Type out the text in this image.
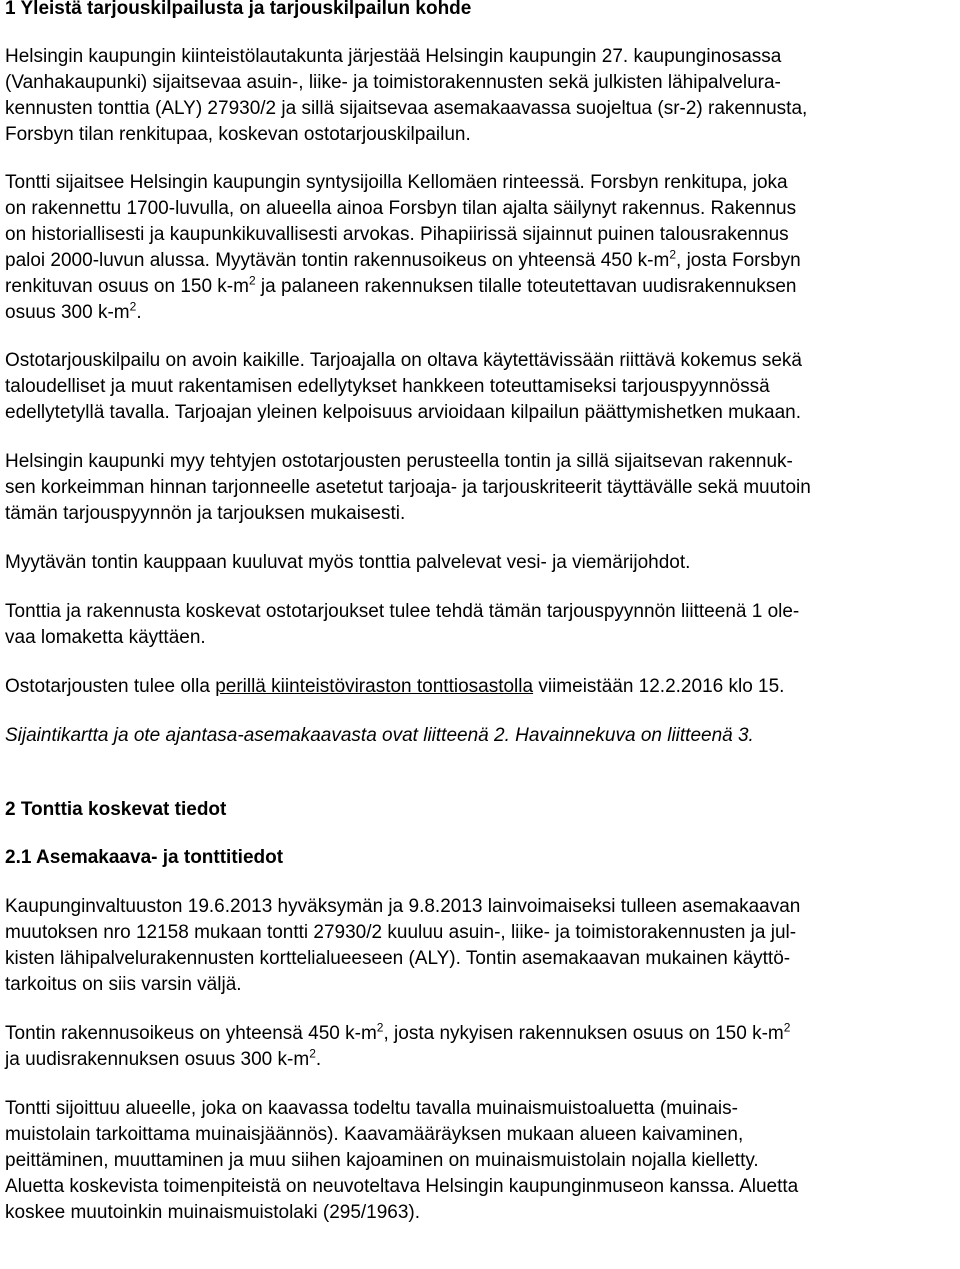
1 Yleistä tarjouskilpailusta ja tarjouskilpailun kohde

Helsingin kaupungin kiinteistölautakunta järjestää Helsingin kaupungin 27. kaupunginosassa
(Vanhakaupunki) sijaitsevaa asuin-, liike- ja toimistorakennusten sekä julkisten lähipalvelura-
kennusten tonttia (ALY) 27930/2 ja sillä sijaitsevaa asemakaavassa suojeltua (sr-2) rakennusta,
Forsbyn tilan renkitupaa, koskevan ostotarjouskilpailun.

Tontti sijaitsee Helsingin kaupungin syntysijoilla Kellomäen rinteessä. Forsbyn renkitupa, joka
on rakennettu 1700-luvulla, on alueella ainoa Forsbyn tilan ajalta säilynyt rakennus. Rakennus
on historiallisesti ja kaupunkikuvallisesti arvokas. Pihapiirissä sijainnut puinen talousrakennus
paloi 2000-luvun alussa. Myytävän tontin rakennusoikeus on yhteensä 450 $k-m^2$, josta Forsbyn
renkituvan osuus on 150 $k-m^2$ ja palaneen rakennuksen tilalle toteutettavan uudisrakennuksen
osuus 300 $k-m^2$.

Ostotarjouskilpailu on avoin kaikille. Tarjoajalla on oltava käytettävissään riittävä kokemus sekä
taloudelliset ja muut rakentamisen edellytykset hankkeen toteuttamiseksi tarjouspyynnössä
edellytetyllä tavalla. Tarjoajan yleinen kelpoisuus arvioidaan kilpailun päättymishetken mukaan.

Helsingin kaupunki myy tehtyjen ostotarjousten perusteella tontin ja sillä sijaitsevan rakennuk-
sen korkeimman hinnan tarjonneelle asetetut tarjoaja- ja tarjouskriteerit täyttävälle sekä muutoin
tämän tarjouspyynnön ja tarjouksen mukaisesti.

Myytävän tontin kauppaan kuuluvat myös tonttia palvelevat vesi- ja viemärijohdot.

Tonttia ja rakennusta koskevat ostotarjoukset tulee tehdä tämän tarjouspyynnön liitteenä 1 ole-
vaa lomaketta käyttäen.

Ostotarjousten tulee olla perillä kiinteistöviraston tonttiosastolla viimeistään 12.2.2016 klo 15.

Sijaintikartta ja ote ajantasa-asemakaavasta ovat liitteenä 2. Havainnekuva on liitteenä 3.

2 Tonttia koskevat tiedot
2.1 Asemakaava- ja tonttitiedot

Kaupunginvaltuuston 19.6.2013 hyväksymän ja 9.8.2013 lainvoimaiseksi tulleen asemakaavan
muutoksen nro 12158 mukaan tontti 27930/2 kuuluu asuin-, liike- ja toimistorakennusten ja jul-
kisten lähipalvelurakennusten korttelialueeseen (ALY). Tontin asemakaavan mukainen käyttö-
tarkoitus on siis varsin väljä.

Tontin rakennusoikeus on yhteensä 450 $k-m^2$, josta nykyisen rakennuksen osuus on 150 $k-m^2$
ja uudisrakennuksen osuus 300 $k-m^2$.

Tontti sijoittuu alueelle, joka on kaavassa todeltu tavalla muinaismuistoaluetta (muinais-
muistolain tarkoittama muinaisjäännös). Kaavamääräyksen mukaan alueen kaivaminen,
peittäminen, muuttaminen ja muu siihen kajoaminen on muinaismuistolain nojalla kielletty.
Aluetta koskevista toimenpiteistä on neuvoteltava Helsingin kaupunginmuseon kanssa. Aluetta
koskee muutoinkin muinaismuistolaki (295/1963).
